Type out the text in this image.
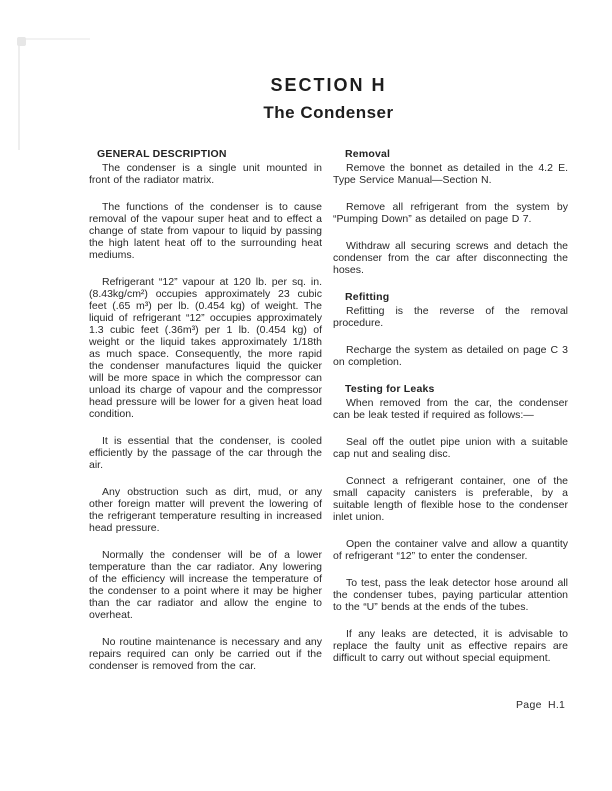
SECTION H
The Condenser
GENERAL DESCRIPTION

The condenser is a single unit mounted in front of the radiator matrix.

The functions of the condenser is to cause removal of the vapour super heat and to effect a change of state from vapour to liquid by passing the high latent heat off to the surrounding heat mediums.

Refrigerant “12” vapour at 120 lb. per sq. in. (8.43kg/cm²) occupies approximately 23 cubic feet (.65 m³) per lb. (0.454 kg) of weight. The liquid of refrigerant “12” occupies approximately 1.3 cubic feet (.36m³) per 1 lb. (0.454 kg) of weight or the liquid takes approximately 1/18th as much space. Consequently, the more rapid the condenser manufactures liquid the quicker will be more space in which the compressor can unload its charge of vapour and the compressor head pressure will be lower for a given heat load condition.

It is essential that the condenser, is cooled efficiently by the passage of the car through the air.

Any obstruction such as dirt, mud, or any other foreign matter will prevent the lowering of the refrigerant temperature resulting in increased head pressure.

Normally the condenser will be of a lower temperature than the car radiator. Any lowering of the efficiency will increase the temperature of the condenser to a point where it may be higher than the car radiator and allow the engine to overheat.

No routine maintenance is necessary and any repairs required can only be carried out if the condenser is removed from the car.

Removal

Remove the bonnet as detailed in the 4.2 E. Type Service Manual—Section N.

Remove all refrigerant from the system by “Pumping Down” as detailed on page D 7.

Withdraw all securing screws and detach the condenser from the car after disconnecting the hoses.

Refitting

Refitting is the reverse of the removal procedure.

Recharge the system as detailed on page C 3 on completion.

Testing for Leaks

When removed from the car, the condenser can be leak tested if required as follows:—

Seal off the outlet pipe union with a suitable cap nut and sealing disc.

Connect a refrigerant container, one of the small capacity canisters is preferable, by a suitable length of flexible hose to the condenser inlet union.

Open the container valve and allow a quantity of refrigerant “12” to enter the condenser.

To test, pass the leak detector hose around all the condenser tubes, paying particular attention to the “U” bends at the ends of the tubes.

If any leaks are detected, it is advisable to replace the faulty unit as effective repairs are difficult to carry out without special equipment.

Page H.1
